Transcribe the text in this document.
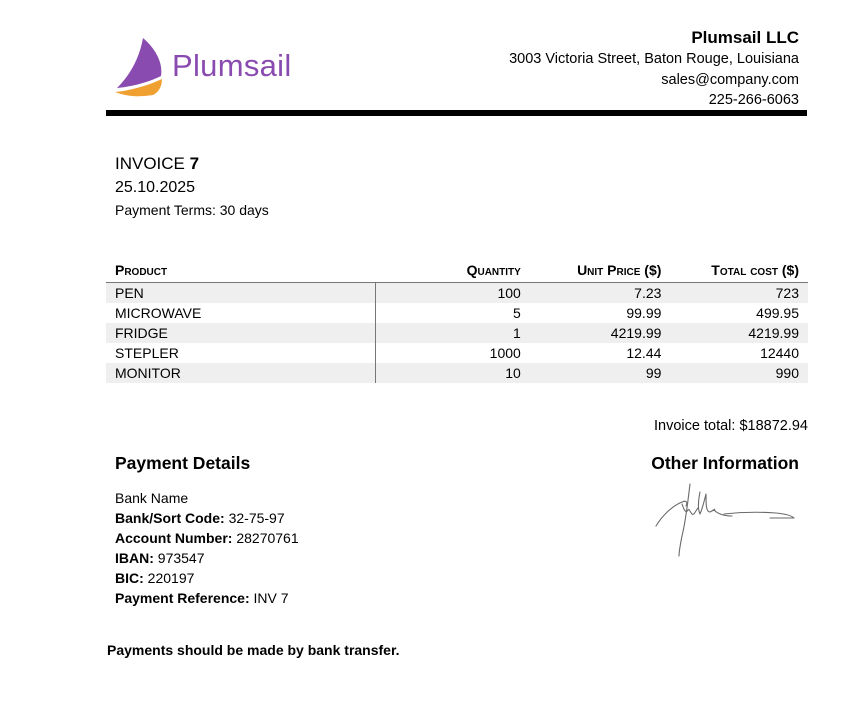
Plumsail
Plumsail LLC
3003 Victoria Street, Baton Rouge, Louisiana
sales@company.com
225-266-6063
INVOICE 7
25.10.2025
Payment Terms: 30 days
Product	Quantity	Unit Price ($)	Total cost ($)
PEN	100	7.23	723
MICROWAVE	5	99.99	499.95
FRIDGE	1	4219.99	4219.99
STEPLER	1000	12.44	12440
MONITOR	10	99	990
Invoice total: $18872.94
Payment Details	Other Information
Bank Name
Bank/Sort Code: 32-75-97
Account Number: 28270761
IBAN: 973547
BIC: 220197
Payment Reference: INV 7
Payments should be made by bank transfer.
